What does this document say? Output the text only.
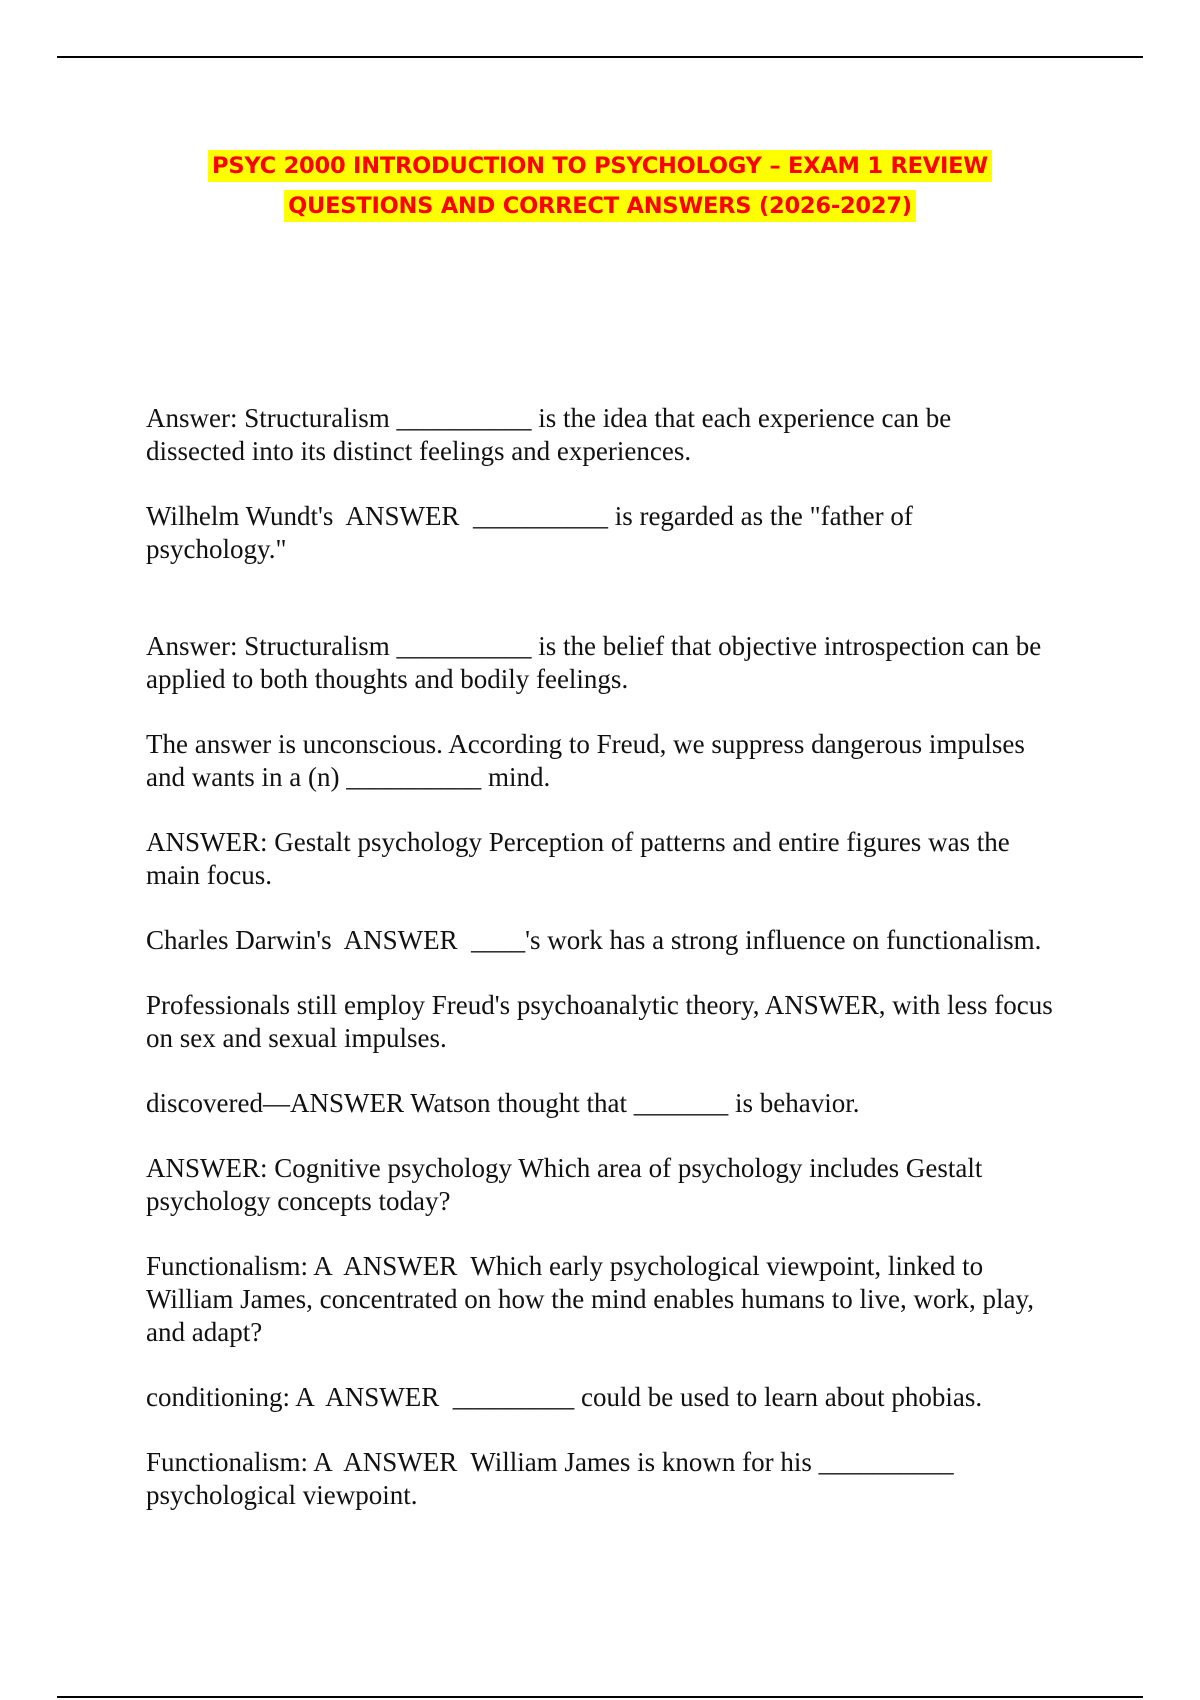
PSYC 2000 INTRODUCTION TO PSYCHOLOGY – EXAM 1 REVIEW
QUESTIONS AND CORRECT ANSWERS (2026-2027)

Answer: Structuralism __________ is the idea that each experience can be dissected into its distinct feelings and experiences.

Wilhelm Wundt's  ANSWER  __________ is regarded as the "father of psychology."

Answer: Structuralism __________ is the belief that objective introspection can be applied to both thoughts and bodily feelings.

The answer is unconscious. According to Freud, we suppress dangerous impulses and wants in a (n) __________ mind.

ANSWER: Gestalt psychology Perception of patterns and entire figures was the main focus.

Charles Darwin's  ANSWER  ____'s work has a strong influence on functionalism.

Professionals still employ Freud's psychoanalytic theory, ANSWER, with less focus on sex and sexual impulses.

discovered—ANSWER Watson thought that _______ is behavior.

ANSWER: Cognitive psychology Which area of psychology includes Gestalt psychology concepts today?

Functionalism: A  ANSWER  Which early psychological viewpoint, linked to William James, concentrated on how the mind enables humans to live, work, play, and adapt?

conditioning: A  ANSWER  _________ could be used to learn about phobias.

Functionalism: A  ANSWER  William James is known for his __________ psychological viewpoint.
